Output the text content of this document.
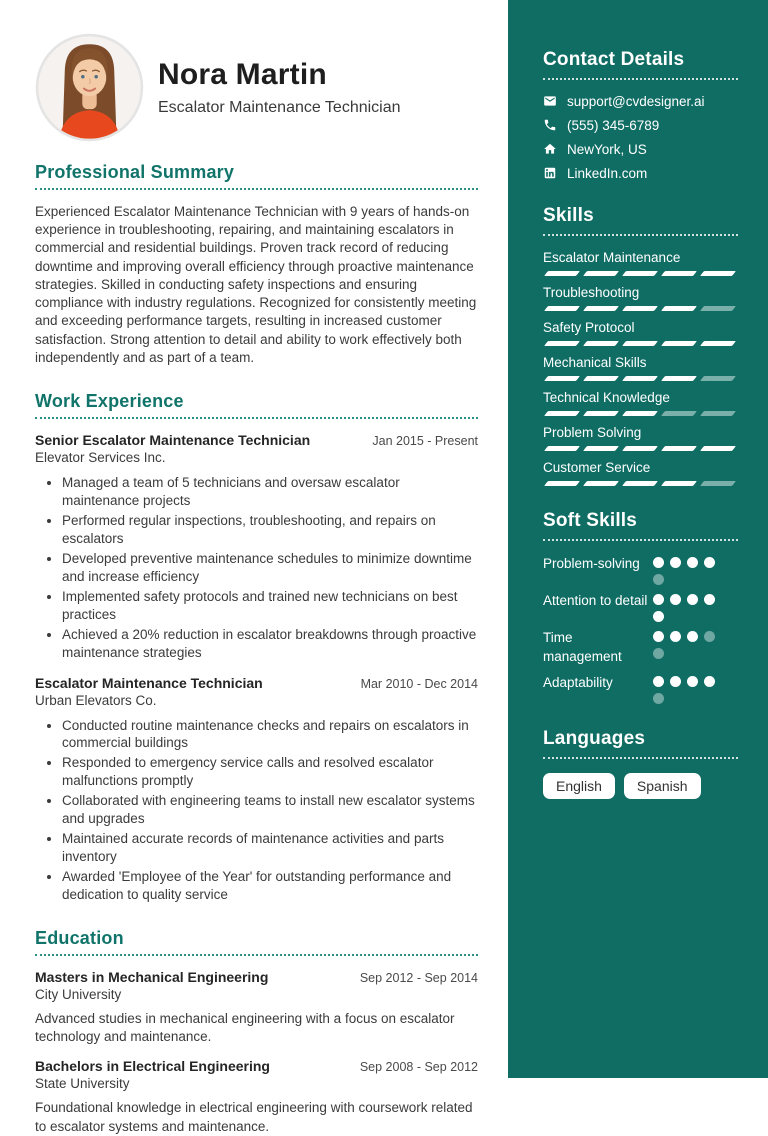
Nora Martin
Escalator Maintenance Technician
Professional Summary

Experienced Escalator Maintenance Technician with 9 years of hands-on experience in troubleshooting, repairing, and maintaining escalators in commercial and residential buildings. Proven track record of reducing downtime and improving overall efficiency through proactive maintenance strategies. Skilled in conducting safety inspections and ensuring compliance with industry regulations. Recognized for consistently meeting and exceeding performance targets, resulting in increased customer satisfaction. Strong attention to detail and ability to work effectively both independently and as part of a team.

Work Experience
Senior Escalator Maintenance Technician	Jan 2015 - Present
Elevator Services Inc.
• Managed a team of 5 technicians and oversaw escalator maintenance projects
• Performed regular inspections, troubleshooting, and repairs on escalators
• Developed preventive maintenance schedules to minimize downtime and increase efficiency
• Implemented safety protocols and trained new technicians on best practices
• Achieved a 20% reduction in escalator breakdowns through proactive maintenance strategies
Escalator Maintenance Technician	Mar 2010 - Dec 2014
Urban Elevators Co.
• Conducted routine maintenance checks and repairs on escalators in commercial buildings
• Responded to emergency service calls and resolved escalator malfunctions promptly
• Collaborated with engineering teams to install new escalator systems and upgrades
• Maintained accurate records of maintenance activities and parts inventory
• Awarded 'Employee of the Year' for outstanding performance and dedication to quality service
Education
Masters in Mechanical Engineering	Sep 2012 - Sep 2014
City University
Advanced studies in mechanical engineering with a focus on escalator technology and maintenance.
Bachelors in Electrical Engineering	Sep 2008 - Sep 2012
State University
Foundational knowledge in electrical engineering with coursework related to escalator systems and maintenance.
Contact Details
support@cvdesigner.ai
(555) 345-6789
NewYork, US
LinkedIn.com
Skills
Escalator Maintenance
Troubleshooting
Safety Protocol
Mechanical Skills
Technical Knowledge
Problem Solving
Customer Service
Soft Skills
Problem-solving
Attention to detail
Time management
Adaptability
Languages
English	Spanish
